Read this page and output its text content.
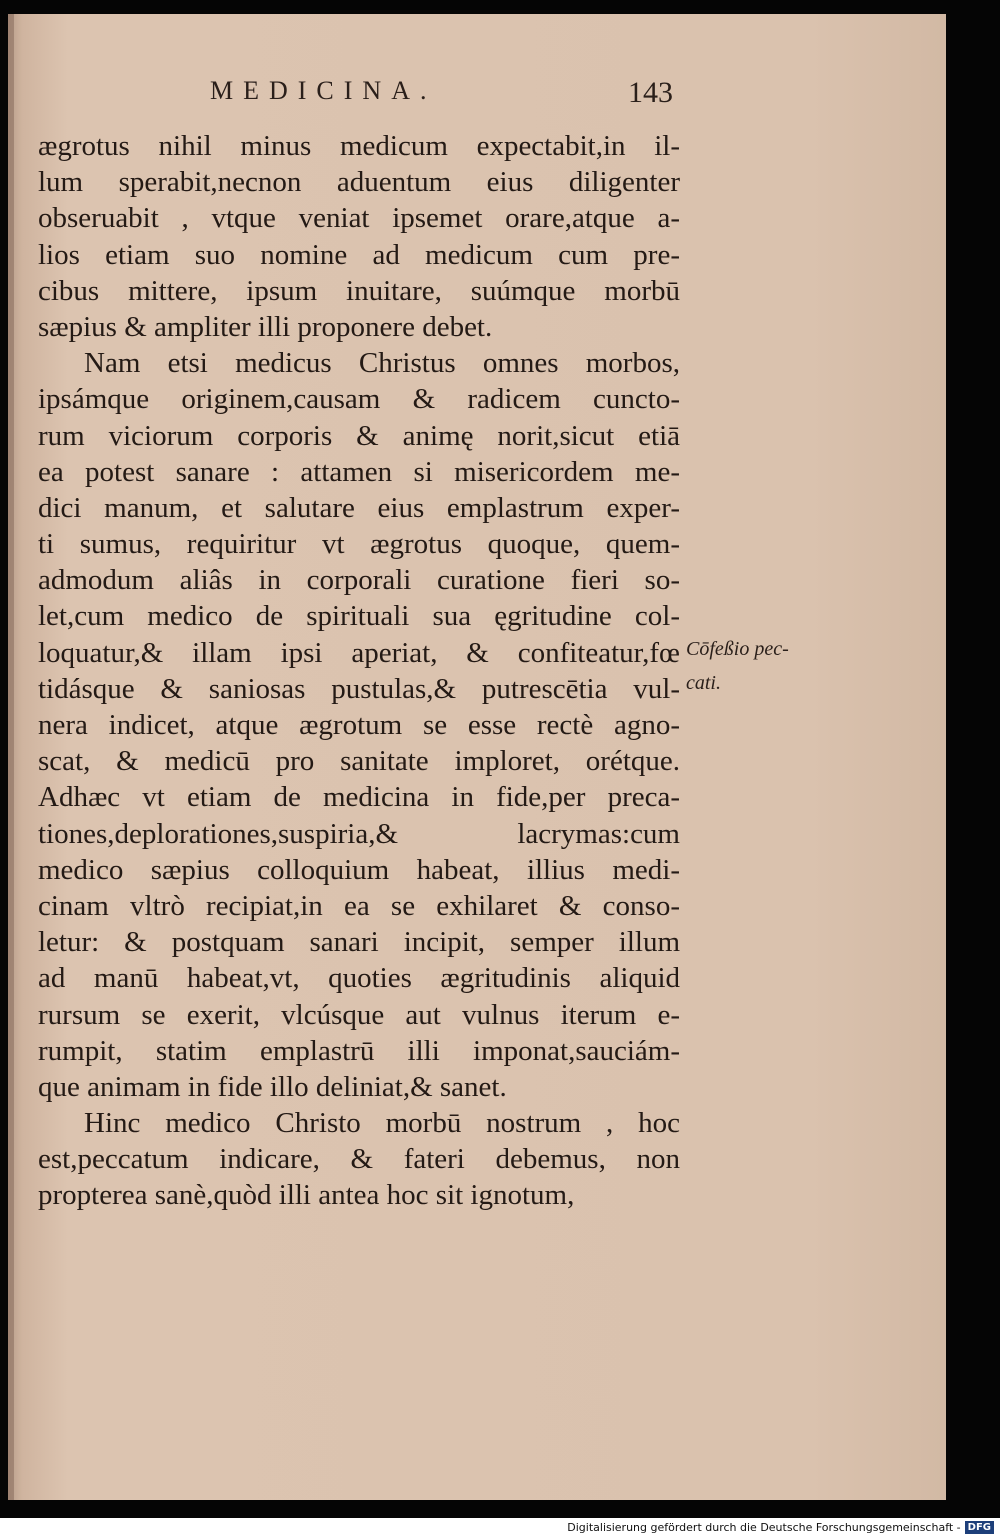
MEDICINA.	143
ægrotus nihil minus medicum expectabit,in il-
lum sperabit,necnon aduentum eius diligenter
obseruabit , vtque veniat ipsemet orare,atque a-
lios etiam suo nomine ad medicum cum pre-
cibus mittere, ipsum inuitare, suúmque morbū
sæpius & ampliter illi proponere debet.
Nam etsi medicus Christus omnes morbos,
ipsámque originem,causam & radicem cuncto-
rum viciorum corporis & animę norit,sicut etiā
ea potest sanare : attamen si misericordem me-
dici manum, et salutare eius emplastrum exper-
ti sumus, requiritur vt ægrotus quoque, quem-
admodum aliâs in corporali curatione fieri so-
let,cum medico de spirituali sua ęgritudine col-
loquatur,& illam ipsi aperiat, & confiteatur,fœ
tidásque & saniosas pustulas,& putrescētia vul-
nera indicet, atque ægrotum se esse rectè agno-
scat, & medicū pro sanitate imploret, orétque.
Adhæc vt etiam de medicina in fide,per preca-
tiones,deplorationes,suspiria,& lacrymas:cum
medico sæpius colloquium habeat, illius medi-
cinam vltrò recipiat,in ea se exhilaret & conso-
letur: & postquam sanari incipit, semper illum
ad manū habeat,vt, quoties ægritudinis aliquid
rursum se exerit, vlcúsque aut vulnus iterum e-
rumpit, statim emplastrū illi imponat,sauciám-
que animam in fide illo deliniat,& sanet.
Hinc medico Christo morbū nostrum , hoc
est,peccatum indicare, & fateri debemus, non
propterea sanè,quòd illi antea hoc sit ignotum,
Cōfeßio pec-
cati.
Digitalisierung gefördert durch die Deutsche Forschungsgemeinschaft - DFG
